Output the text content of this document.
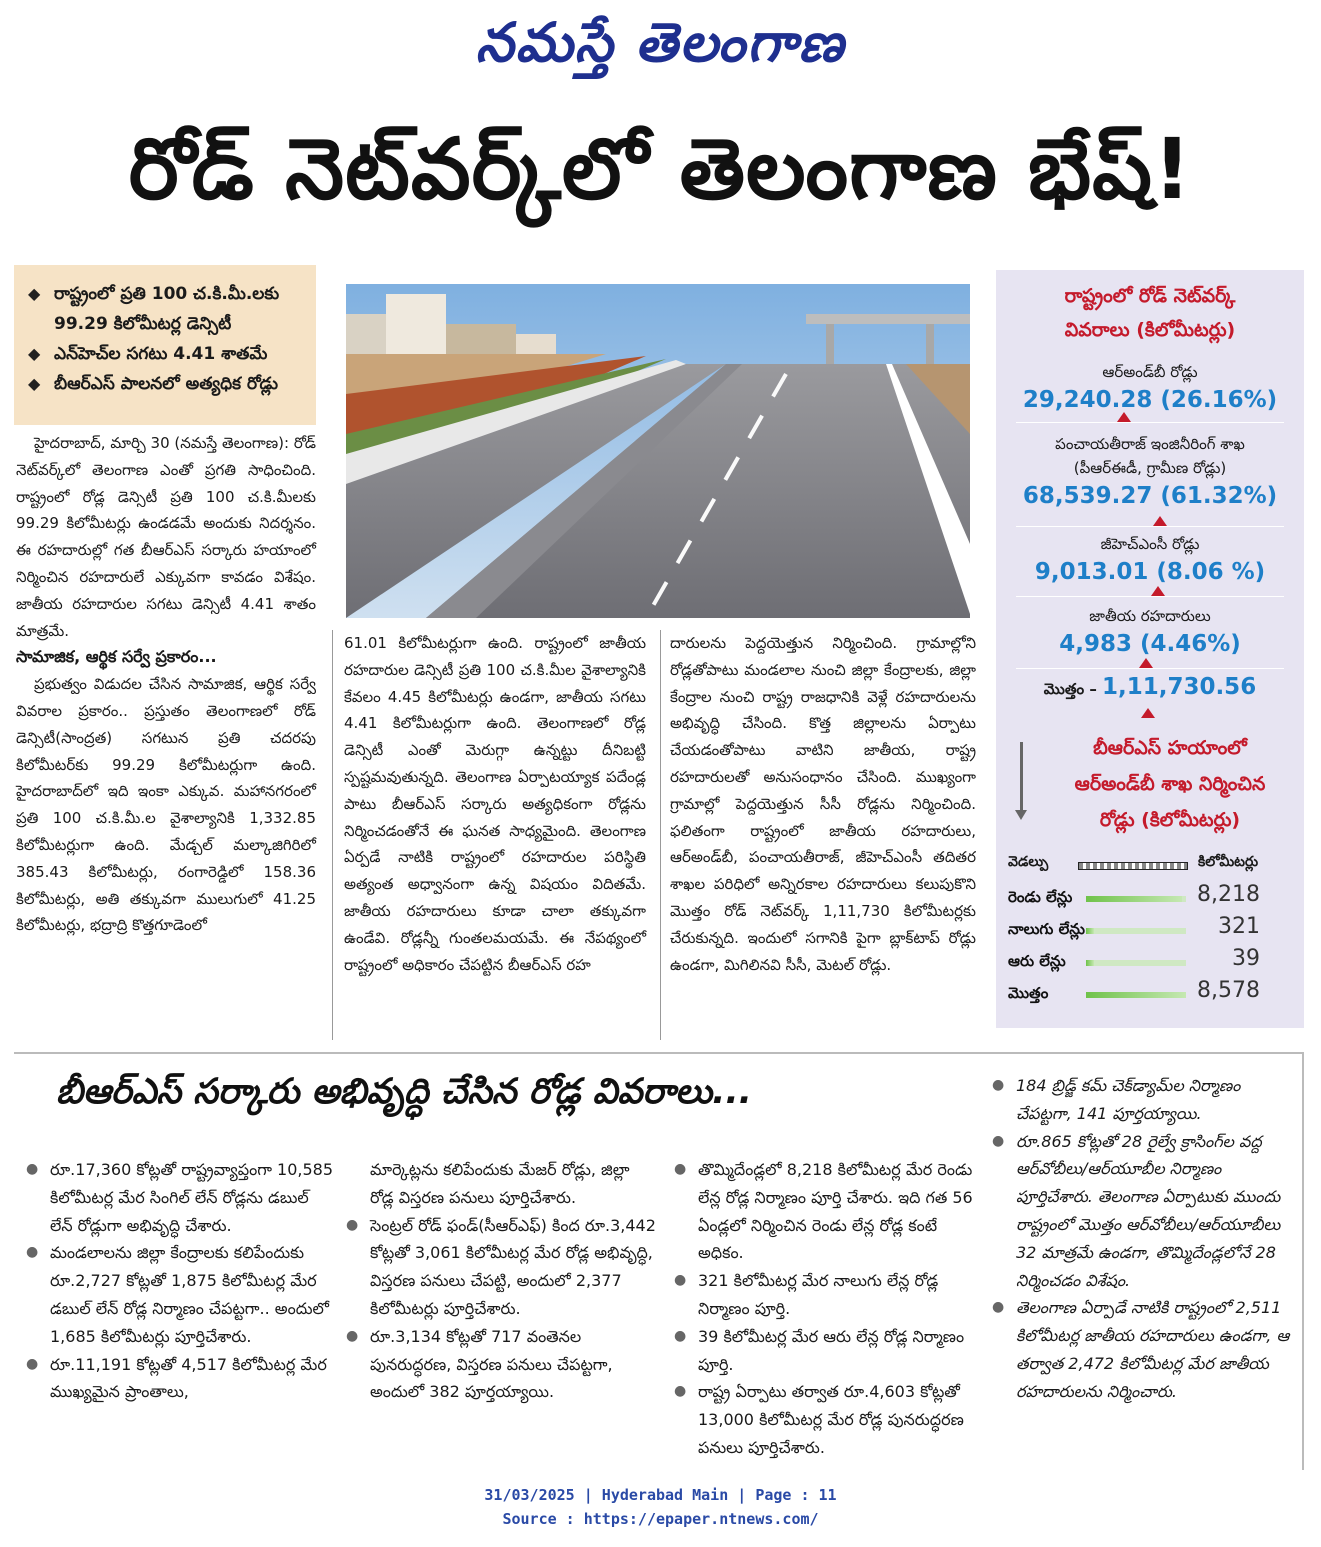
నమస్తే తెలంగాణ
రోడ్ నెట్‌వర్క్‌లో తెలంగాణ భేష్!
◆ రాష్ట్రంలో ప్రతి 100 చ.కి.మీ.లకు 99.29 కిలోమీటర్ల డెన్సిటీ
◆ ఎన్‌హెచ్‌ల సగటు 4.41 శాతమే
◆ బీఆర్‌ఎస్ పాలనలో అత్యధిక రోడ్లు

హైదరాబాద్, మార్చి 30 (నమస్తే తెలంగాణ): రోడ్ నెట్‌వర్క్‌లో తెలంగాణ ఎంతో ప్రగతి సాధించింది. రాష్ట్రంలో రోడ్ల డెన్సిటీ ప్రతి 100 చ.కి.మీలకు 99.29 కిలోమీటర్లు ఉండడమే అందుకు నిదర్శనం. ఈ రహదారుల్లో గత బీఆర్‌ఎస్ సర్కారు హయాంలో నిర్మించిన రహదారులే ఎక్కువగా కావడం విశేషం. జాతీయ రహదారుల సగటు డెన్సిటీ 4.41 శాతం మాత్రమే.

సామాజిక, ఆర్థిక సర్వే ప్రకారం...

ప్రభుత్వం విడుదల చేసిన సామాజిక, ఆర్థిక సర్వే వివరాల ప్రకారం.. ప్రస్తుతం తెలంగాణలో రోడ్ డెన్సిటీ(సాంద్రత) సగటున ప్రతి చదరపు కిలోమీటర్‌కు 99.29 కిలోమీటర్లుగా ఉంది. హైదరాబాద్‌లో ఇది ఇంకా ఎక్కువ. మహానగరంలో ప్రతి 100 చ.కి.మీ.ల వైశాల్యానికి 1,332.85 కిలోమీటర్లుగా ఉంది. మేడ్చల్ మల్కాజిగిరిలో 385.43 కిలోమీటర్లు, రంగారెడ్డిలో 158.36 కిలోమీటర్లు, అతి తక్కువగా ములుగులో 41.25 కిలోమీటర్లు, భద్రాద్రి కొత్తగూడెంలో

61.01 కిలోమీటర్లుగా ఉంది. రాష్ట్రంలో జాతీయ రహదారుల డెన్సిటీ ప్రతి 100 చ.కి.మీల వైశాల్యానికి కేవలం 4.45 కిలోమీటర్లు ఉండగా, జాతీయ సగటు 4.41 కిలోమీటర్లుగా ఉంది. తెలంగాణలో రోడ్ల డెన్సిటీ ఎంతో మెరుగ్గా ఉన్నట్టు దీనిబట్టి స్పష్టమవుతున్నది. తెలంగాణ ఏర్పాటయ్యాక పదేండ్ల పాటు బీఆర్‌ఎస్ సర్కారు అత్యధికంగా రోడ్లను నిర్మించడంతోనే ఈ ఘనత సాధ్యమైంది. తెలంగాణ ఏర్పడే నాటికి రాష్ట్రంలో రహదారుల పరిస్థితి అత్యంత అధ్వానంగా ఉన్న విషయం విదితమే. జాతీయ రహదారులు కూడా చాలా తక్కువగా ఉండేవి. రోడ్లన్నీ గుంతలమయమే. ఈ నేపథ్యంలో రాష్ట్రంలో అధికారం చేపట్టిన బీఆర్‌ఎస్ రహ

దారులను పెద్దయెత్తున నిర్మించింది. గ్రామాల్లోని రోడ్లతోపాటు మండలాల నుంచి జిల్లా కేంద్రాలకు, జిల్లా కేంద్రాల నుంచి రాష్ట్ర రాజధానికి వెళ్లే రహదారులను అభివృద్ధి చేసింది. కొత్త జిల్లాలను ఏర్పాటు చేయడంతోపాటు వాటిని జాతీయ, రాష్ట్ర రహదారులతో అనుసంధానం చేసింది. ముఖ్యంగా గ్రామాల్లో పెద్దయెత్తున సీసీ రోడ్లను నిర్మించింది. ఫలితంగా రాష్ట్రంలో జాతీయ రహదారులు, ఆర్‌అండ్‌బీ, పంచాయతీరాజ్, జీహెచ్‌ఎంసీ తదితర శాఖల పరిధిలో అన్నిరకాల రహదారులు కలుపుకొని మొత్తం రోడ్ నెట్‌వర్క్ 1,11,730 కిలోమీటర్లకు చేరుకున్నది. ఇందులో సగానికి పైగా బ్లాక్‌టాప్ రోడ్లు ఉండగా, మిగిలినవి సీసీ, మెటల్ రోడ్లు.

రాష్ట్రంలో రోడ్ నెట్‌వర్క్
వివరాలు (కిలోమీటర్లు)
ఆర్‌అండ్‌బీ రోడ్లు
29,240.28 (26.16%)
పంచాయతీరాజ్ ఇంజినీరింగ్ శాఖ
(పీఆర్‌ఈడీ, గ్రామీణ రోడ్లు)
68,539.27 (61.32%)
జీహెచ్‌ఎంసీ రోడ్లు
9,013.01 (8.06 %)
జాతీయ రహదారులు
4,983 (4.46%)
మొత్తం – 1,11,730.56
బీఆర్‌ఎస్ హయాంలో
ఆర్‌అండ్‌బీ శాఖ నిర్మించిన
రోడ్లు (కిలోమీటర్లు)
వెడల్పు	కిలోమీటర్లు
రెండు లేన్లు	8,218
నాలుగు లేన్లు	321
ఆరు లేన్లు	39
మొత్తం	8,578
బీఆర్‌ఎస్ సర్కారు అభివృద్ధి చేసిన రోడ్ల వివరాలు...
● రూ.17,360 కోట్లతో రాష్ట్రవ్యాప్తంగా 10,585 కిలోమీటర్ల మేర సింగిల్ లేన్ రోడ్లను డబుల్ లేన్ రోడ్లుగా అభివృద్ధి చేశారు.
● మండలాలను జిల్లా కేంద్రాలకు కలిపేందుకు రూ.2,727 కోట్లతో 1,875 కిలోమీటర్ల మేర డబుల్ లేన్ రోడ్ల నిర్మాణం చేపట్టగా.. అందులో 1,685 కిలోమీటర్లు పూర్తిచేశారు.
● రూ.11,191 కోట్లతో 4,517 కిలోమీటర్ల మేర ముఖ్యమైన ప్రాంతాలు,
మార్కెట్లను కలిపేందుకు మేజర్ రోడ్లు, జిల్లా రోడ్ల విస్తరణ పనులు పూర్తిచేశారు.
● సెంట్రల్ రోడ్ ఫండ్(సీఆర్‌ఎఫ్) కింద రూ.3,442 కోట్లతో 3,061 కిలోమీటర్ల మేర రోడ్ల అభివృద్ధి, విస్తరణ పనులు చేపట్టి, అందులో 2,377 కిలోమీటర్లు పూర్తిచేశారు.
● రూ.3,134 కోట్లతో 717 వంతెనల పునరుద్ధరణ, విస్తరణ పనులు చేపట్టగా, అందులో 382 పూర్తయ్యాయి.
● తొమ్మిదేండ్లలో 8,218 కిలోమీటర్ల మేర రెండు లేన్ల రోడ్ల నిర్మాణం పూర్తి చేశారు. ఇది గత 56 ఏండ్లలో నిర్మించిన రెండు లేన్ల రోడ్ల కంటే అధికం.
● 321 కిలోమీటర్ల మేర నాలుగు లేన్ల రోడ్ల నిర్మాణం పూర్తి.
● 39 కిలోమీటర్ల మేర ఆరు లేన్ల రోడ్ల నిర్మాణం పూర్తి.
● రాష్ట్ర ఏర్పాటు తర్వాత రూ.4,603 కోట్లతో 13,000 కిలోమీటర్ల మేర రోడ్ల పునరుద్ధరణ పనులు పూర్తిచేశారు.
● 184 బ్రిడ్జ్ కమ్ చెక్‌డ్యామ్‌ల నిర్మాణం చేపట్టగా, 141 పూర్తయ్యాయి.
● రూ.865 కోట్లతో 28 రైల్వే క్రాసింగ్‌ల వద్ద ఆర్‌వోబీలు/ఆర్‌యూబీల నిర్మాణం పూర్తిచేశారు. తెలంగాణ ఏర్పాటుకు ముందు రాష్ట్రంలో మొత్తం ఆర్‌వోబీలు/ఆర్‌యూబీలు 32 మాత్రమే ఉండగా, తొమ్మిదేండ్లలోనే 28 నిర్మించడం విశేషం.
● తెలంగాణ ఏర్పాడే నాటికి రాష్ట్రంలో 2,511 కిలోమీటర్ల జాతీయ రహదారులు ఉండగా, ఆ తర్వాత 2,472 కిలోమీటర్ల మేర జాతీయ రహదారులను నిర్మించారు.
31/03/2025 | Hyderabad Main | Page : 11
Source : https://epaper.ntnews.com/
